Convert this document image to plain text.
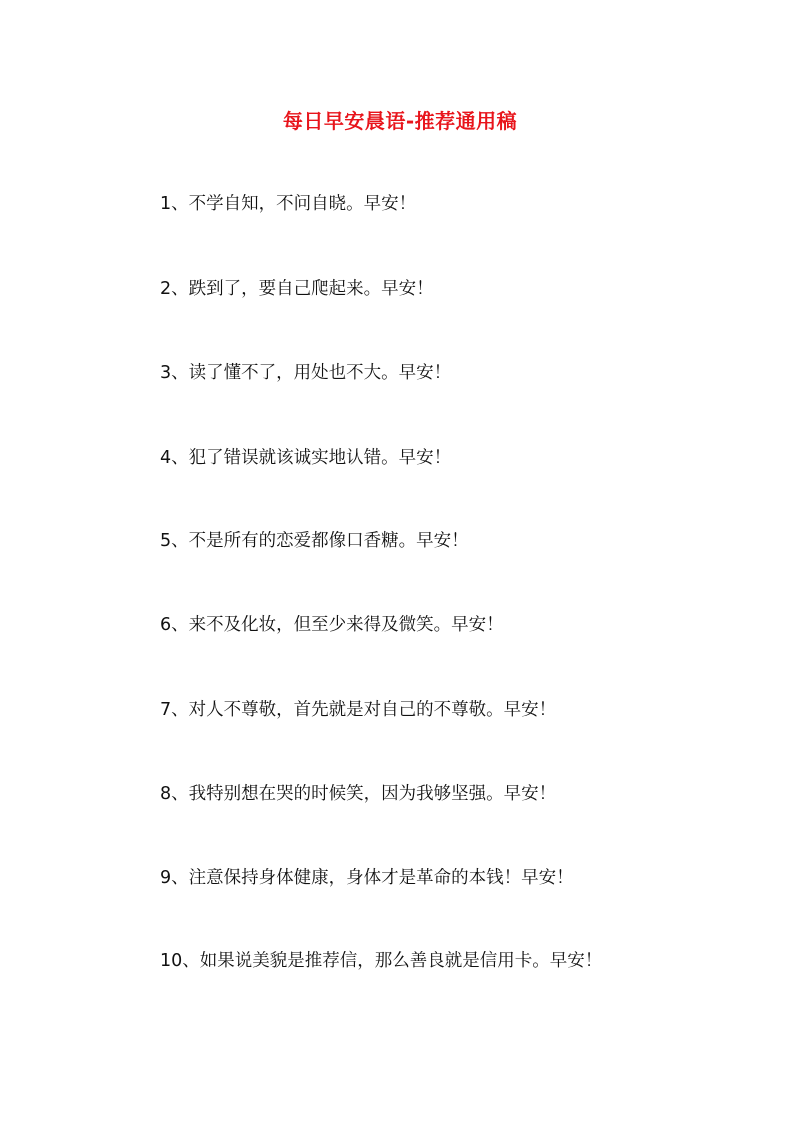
每日早安晨语-推荐通用稿
1、不学自知，不问自晓。早安！
2、跌到了，要自己爬起来。早安！
3、读了懂不了，用处也不大。早安！
4、犯了错误就该诚实地认错。早安！
5、不是所有的恋爱都像口香糖。早安！
6、来不及化妆，但至少来得及微笑。早安！
7、对人不尊敬，首先就是对自己的不尊敬。早安！
8、我特别想在哭的时候笑，因为我够坚强。早安！
9、注意保持身体健康，身体才是革命的本钱！早安！
10、如果说美貌是推荐信，那么善良就是信用卡。早安！
